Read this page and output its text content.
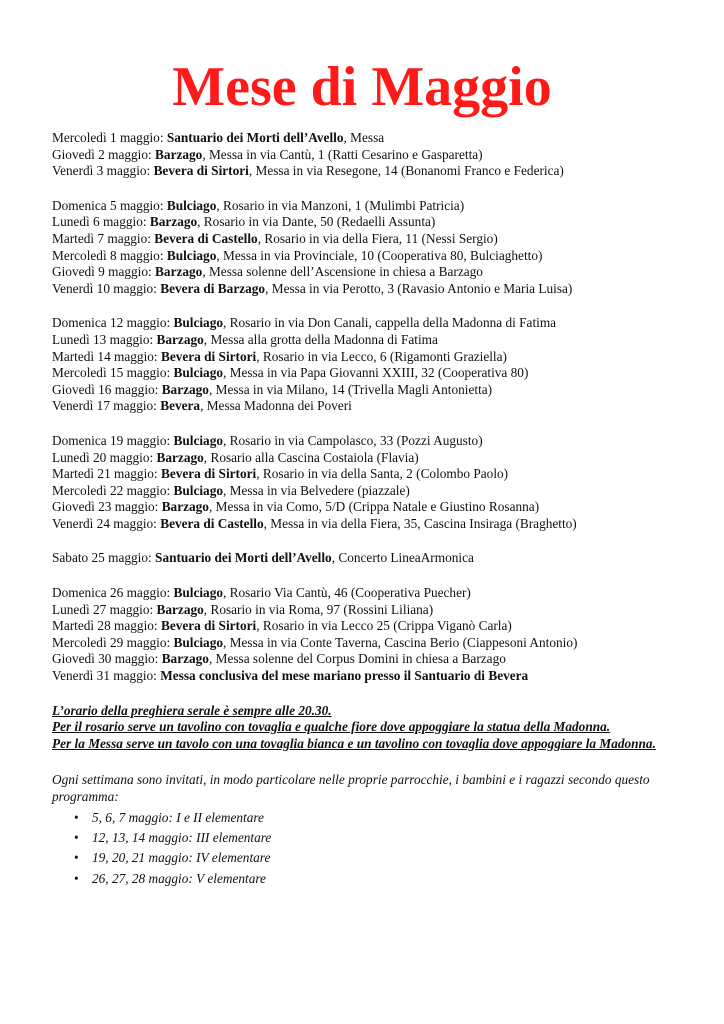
Mese di Maggio
Mercoledì 1 maggio: Santuario dei Morti dell’Avello, Messa
Giovedì 2 maggio: Barzago, Messa in via Cantù, 1 (Ratti Cesarino e Gasparetta)
Venerdì 3 maggio: Bevera di Sirtori, Messa in via Resegone, 14 (Bonanomi Franco e Federica)
Domenica 5 maggio: Bulciago, Rosario in via Manzoni, 1 (Mulimbi Patricia)
Lunedì 6 maggio: Barzago, Rosario in via Dante, 50 (Redaelli Assunta)
Martedì 7 maggio: Bevera di Castello, Rosario in via della Fiera, 11 (Nessi Sergio)
Mercoledì 8 maggio: Bulciago, Messa in via Provinciale, 10 (Cooperativa 80, Bulciaghetto)
Giovedì 9 maggio: Barzago, Messa solenne dell’Ascensione in chiesa a Barzago
Venerdì 10 maggio: Bevera di Barzago, Messa in via Perotto, 3 (Ravasio Antonio e Maria Luisa)
Domenica 12 maggio: Bulciago, Rosario in via Don Canali, cappella della Madonna di Fatima
Lunedì 13 maggio: Barzago, Messa alla grotta della Madonna di Fatima
Martedì 14 maggio: Bevera di Sirtori, Rosario in via Lecco, 6 (Rigamonti Graziella)
Mercoledì 15 maggio: Bulciago, Messa in via Papa Giovanni XXIII, 32 (Cooperativa 80)
Giovedì 16 maggio: Barzago, Messa in via Milano, 14 (Trivella Magli Antonietta)
Venerdì 17 maggio: Bevera, Messa Madonna dei Poveri
Domenica 19 maggio: Bulciago, Rosario in via Campolasco, 33 (Pozzi Augusto)
Lunedì 20 maggio: Barzago, Rosario alla Cascina Costaiola (Flavia)
Martedì 21 maggio: Bevera di Sirtori, Rosario in via della Santa, 2 (Colombo Paolo)
Mercoledì 22 maggio: Bulciago, Messa in via Belvedere (piazzale)
Giovedì 23 maggio: Barzago, Messa in via Como, 5/D (Crippa Natale e Giustino Rosanna)
Venerdì 24 maggio: Bevera di Castello, Messa in via della Fiera, 35, Cascina Insiraga (Braghetto)
Sabato 25 maggio: Santuario dei Morti dell’Avello, Concerto LineaArmonica
Domenica 26 maggio: Bulciago, Rosario Via Cantù, 46 (Cooperativa Puecher)
Lunedì 27 maggio: Barzago, Rosario in via Roma, 97 (Rossini Liliana)
Martedì 28 maggio: Bevera di Sirtori, Rosario in via Lecco 25 (Crippa Viganò Carla)
Mercoledì 29 maggio: Bulciago, Messa in via Conte Taverna, Cascina Berio (Ciappesoni Antonio)
Giovedì 30 maggio: Barzago, Messa solenne del Corpus Domini in chiesa a Barzago
Venerdì 31 maggio: Messa conclusiva del mese mariano presso il Santuario di Bevera
L’orario della preghiera serale è sempre alle 20.30.
Per il rosario serve un tavolino con tovaglia e qualche fiore dove appoggiare la statua della Madonna.
Per la Messa serve un tavolo con una tovaglia bianca e un tavolino con tovaglia dove appoggiare la Madonna.
Ogni settimana sono invitati, in modo particolare nelle proprie parrocchie, i bambini e i ragazzi secondo questo programma:
• 5, 6, 7 maggio: I e II elementare
• 12, 13, 14 maggio: III elementare
• 19, 20, 21 maggio: IV elementare
• 26, 27, 28 maggio: V elementare
